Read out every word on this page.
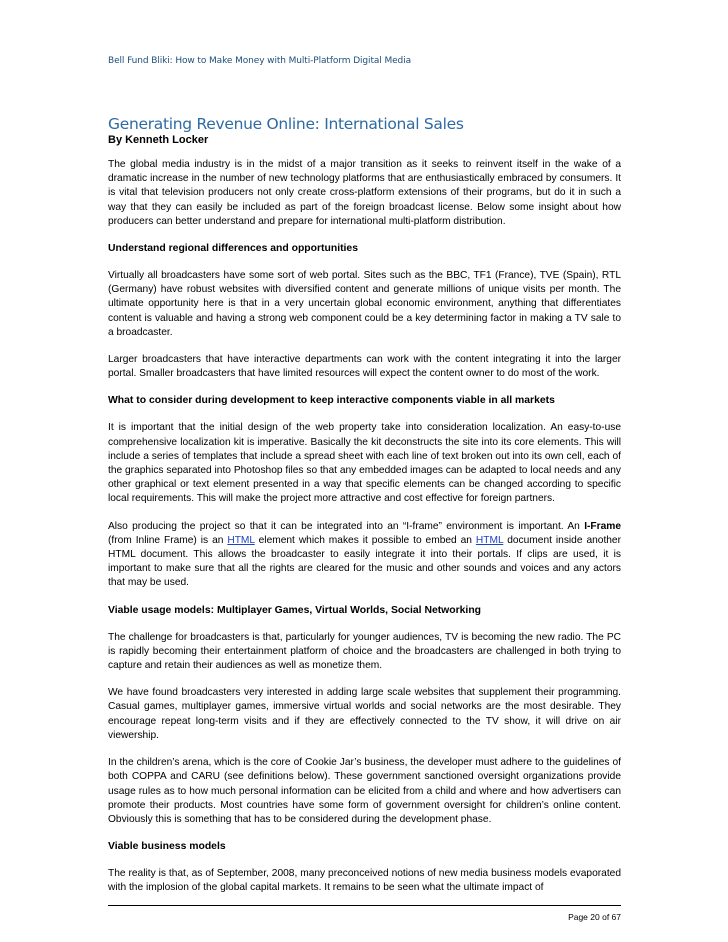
Bell Fund Bliki: How to Make Money with Multi-Platform Digital Media
Generating Revenue Online: International Sales
By Kenneth Locker

The global media industry is in the midst of a major transition as it seeks to reinvent itself in the wake of a dramatic increase in the number of new technology platforms that are enthusiastically embraced by consumers. It is vital that television producers not only create cross-platform extensions of their programs, but do it in such a way that they can easily be included as part of the foreign broadcast license. Below some insight about how producers can better understand and prepare for international multi-platform distribution.

Understand regional differences and opportunities

Virtually all broadcasters have some sort of web portal. Sites such as the BBC, TF1 (France), TVE (Spain), RTL (Germany) have robust websites with diversified content and generate millions of unique visits per month. The ultimate opportunity here is that in a very uncertain global economic environment, anything that differentiates content is valuable and having a strong web component could be a key determining factor in making a TV sale to a broadcaster.

Larger broadcasters that have interactive departments can work with the content integrating it into the larger portal. Smaller broadcasters that have limited resources will expect the content owner to do most of the work.

What to consider during development to keep interactive components viable in all markets

It is important that the initial design of the web property take into consideration localization. An easy-to-use comprehensive localization kit is imperative. Basically the kit deconstructs the site into its core elements. This will include a series of templates that include a spread sheet with each line of text broken out into its own cell, each of the graphics separated into Photoshop files so that any embedded images can be adapted to local needs and any other graphical or text element presented in a way that specific elements can be changed according to specific local requirements. This will make the project more attractive and cost effective for foreign partners.

Also producing the project so that it can be integrated into an “I-frame” environment is important. An I-Frame (from Inline Frame) is an HTML element which makes it possible to embed an HTML document inside another HTML document. This allows the broadcaster to easily integrate it into their portals. If clips are used, it is important to make sure that all the rights are cleared for the music and other sounds and voices and any actors that may be used.

Viable usage models: Multiplayer Games, Virtual Worlds, Social Networking

The challenge for broadcasters is that, particularly for younger audiences, TV is becoming the new radio. The PC is rapidly becoming their entertainment platform of choice and the broadcasters are challenged in both trying to capture and retain their audiences as well as monetize them.

We have found broadcasters very interested in adding large scale websites that supplement their programming. Casual games, multiplayer games, immersive virtual worlds and social networks are the most desirable. They encourage repeat long-term visits and if they are effectively connected to the TV show, it will drive on air viewership.

In the children’s arena, which is the core of Cookie Jar’s business, the developer must adhere to the guidelines of both COPPA and CARU (see definitions below). These government sanctioned oversight organizations provide usage rules as to how much personal information can be elicited from a child and where and how advertisers can promote their products. Most countries have some form of government oversight for children’s online content. Obviously this is something that has to be considered during the development phase.

Viable business models

The reality is that, as of September, 2008, many preconceived notions of new media business models evaporated with the implosion of the global capital markets. It remains to be seen what the ultimate impact of

Page 20 of 67
